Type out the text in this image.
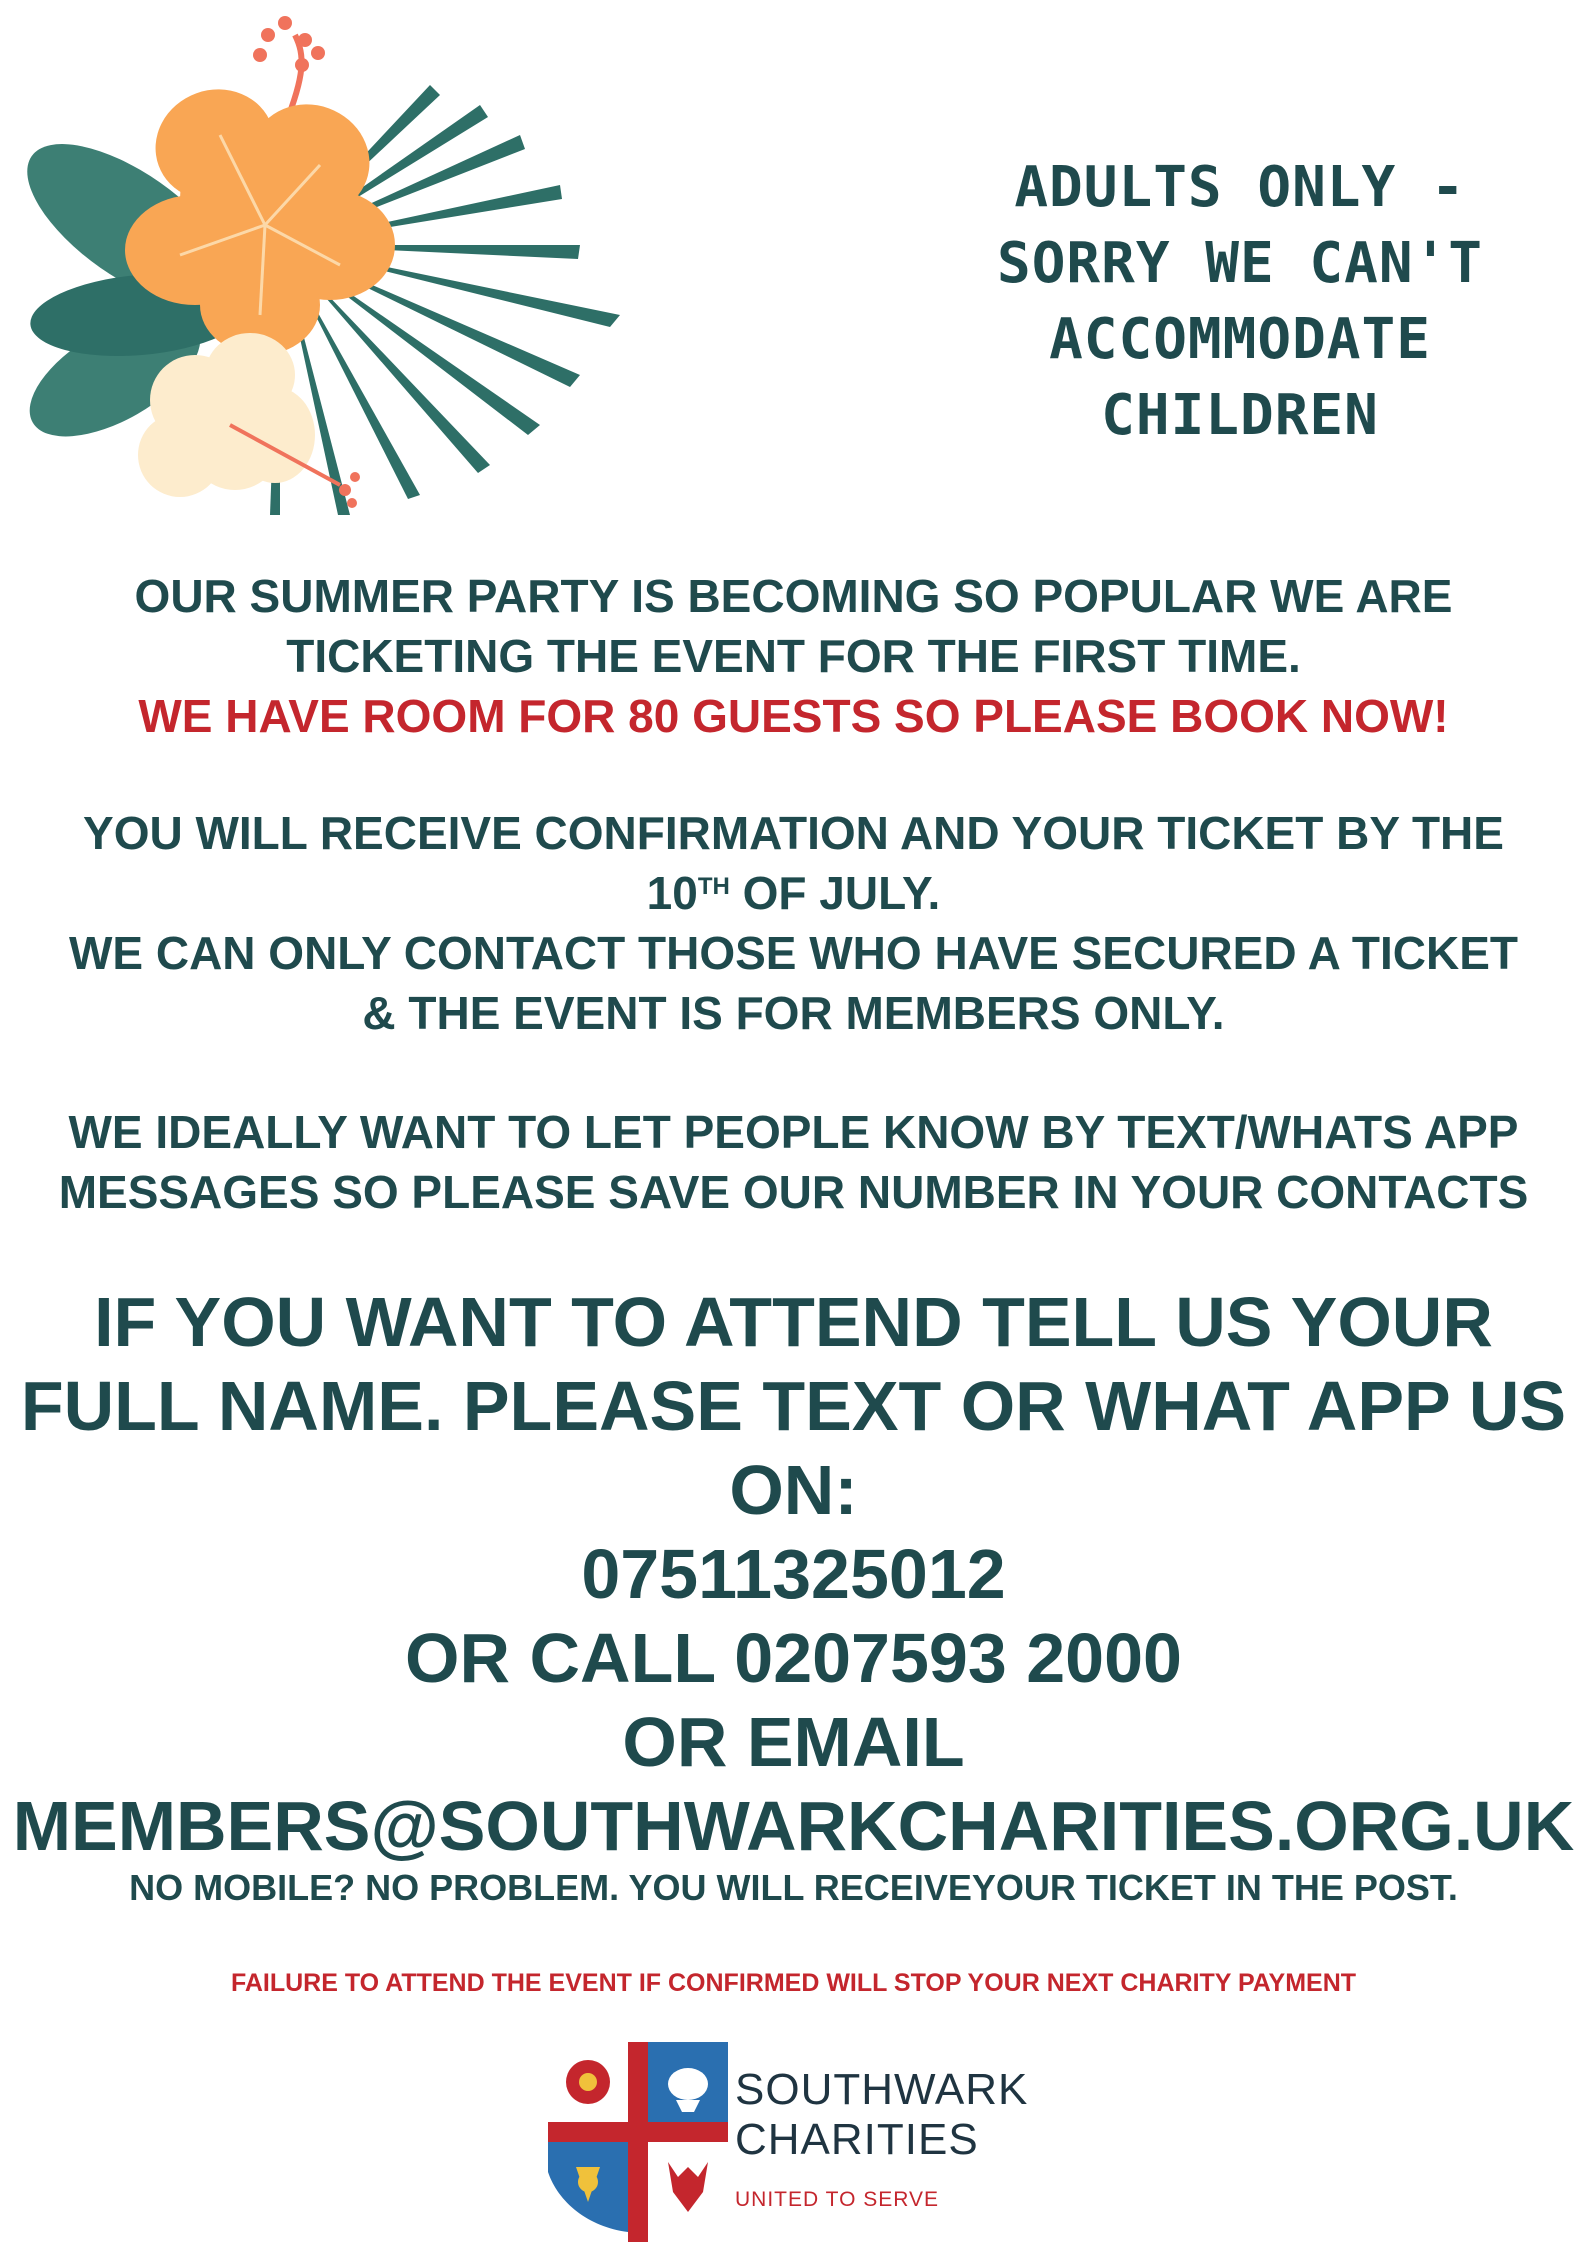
ADULTS ONLY -
SORRY WE CAN'T
ACCOMMODATE
CHILDREN
OUR SUMMER PARTY IS BECOMING SO POPULAR WE ARE
TICKETING THE EVENT FOR THE FIRST TIME.
WE HAVE ROOM FOR 80 GUESTS SO PLEASE BOOK NOW!
YOU WILL RECEIVE CONFIRMATION AND YOUR TICKET BY THE
10TH OF JULY.
WE CAN ONLY CONTACT THOSE WHO HAVE SECURED A TICKET
& THE EVENT IS FOR MEMBERS ONLY.
WE IDEALLY WANT TO LET PEOPLE KNOW BY TEXT/WHATS APP
MESSAGES SO PLEASE SAVE OUR NUMBER IN YOUR CONTACTS
IF YOU WANT TO ATTEND TELL US YOUR
FULL NAME. PLEASE TEXT OR WHAT APP US
ON:
07511325012
OR CALL 0207593 2000
OR EMAIL
MEMBERS@SOUTHWARKCHARITIES.ORG.UK
NO MOBILE? NO PROBLEM. YOU WILL RECEIVEYOUR TICKET IN THE POST.
FAILURE TO ATTEND THE EVENT IF CONFIRMED WILL STOP YOUR NEXT CHARITY PAYMENT
SOUTHWARK
CHARITIES
UNITED TO SERVE
